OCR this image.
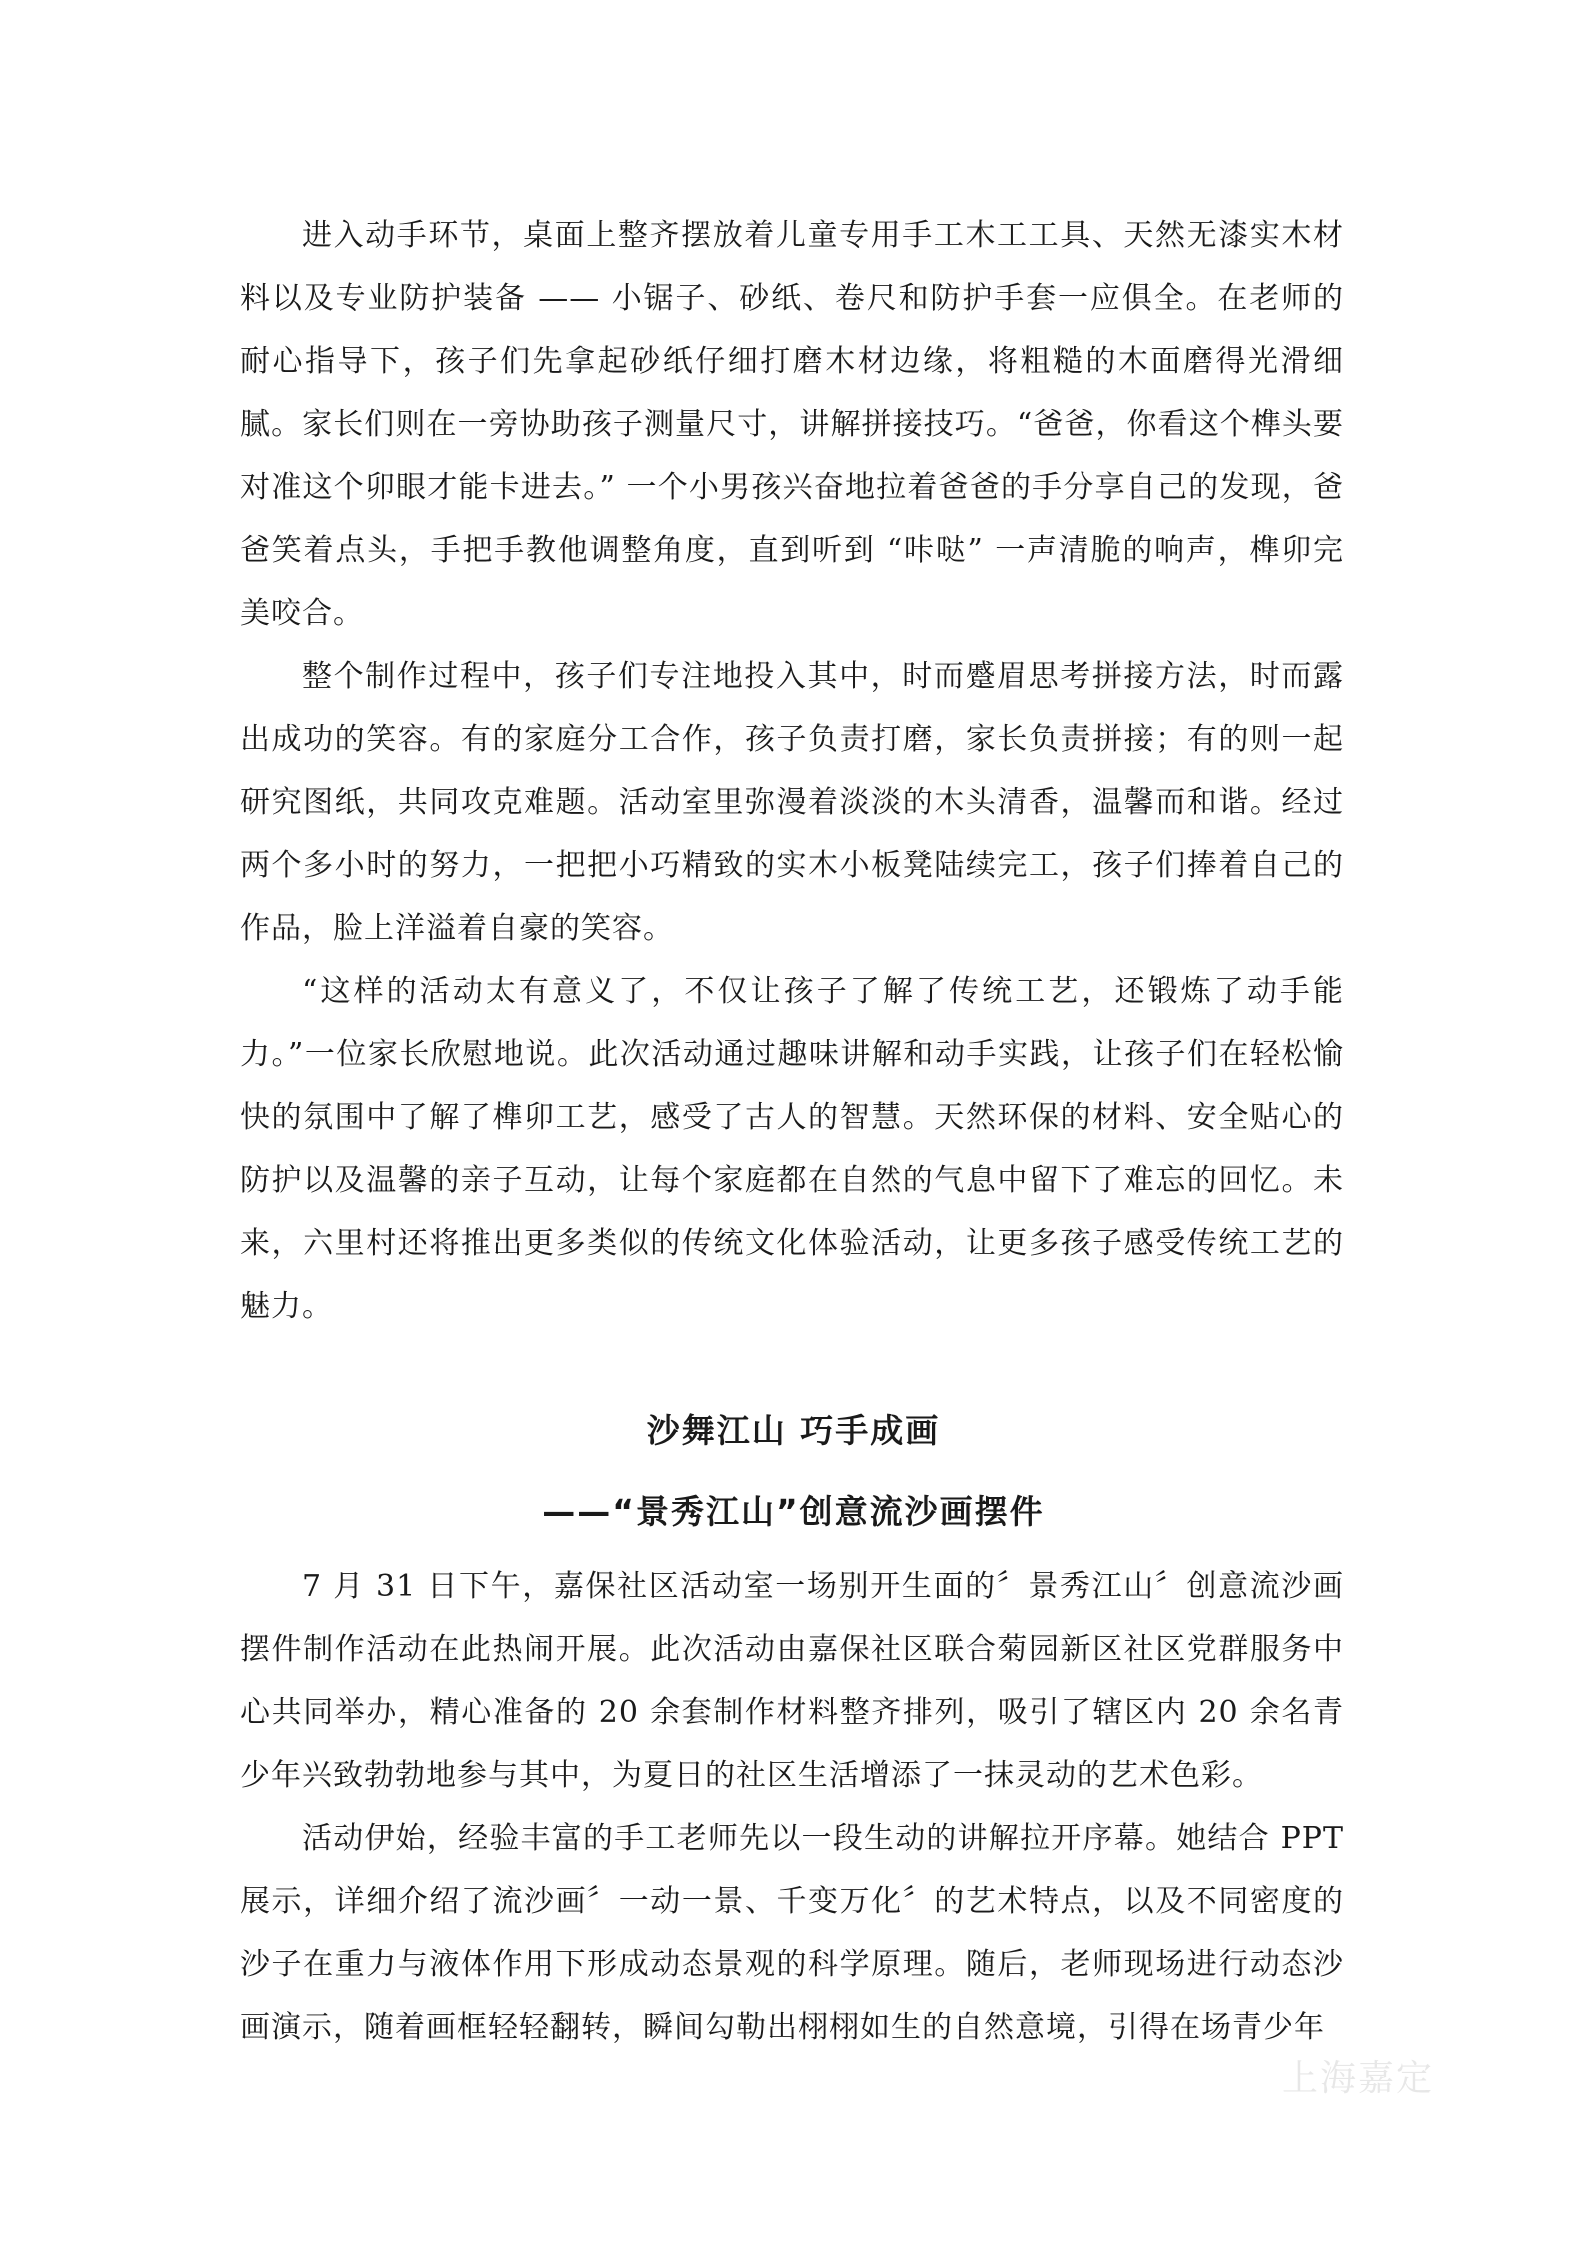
进入动手环节，桌面上整齐摆放着儿童专用手工木工工具、天然无漆实木材料以及专业防护装备 —— 小锯子、砂纸、卷尺和防护手套一应俱全。在老师的耐心指导下，孩子们先拿起砂纸仔细打磨木材边缘，将粗糙的木面磨得光滑细腻。家长们则在一旁协助孩子测量尺寸，讲解拼接技巧。“爸爸，你看这个榫头要对准这个卯眼才能卡进去。” 一个小男孩兴奋地拉着爸爸的手分享自己的发现，爸爸笑着点头，手把手教他调整角度，直到听到 “咔哒” 一声清脆的响声，榫卯完美咬合。

整个制作过程中，孩子们专注地投入其中，时而蹙眉思考拼接方法，时而露出成功的笑容。有的家庭分工合作，孩子负责打磨，家长负责拼接；有的则一起研究图纸，共同攻克难题。活动室里弥漫着淡淡的木头清香，温馨而和谐。经过两个多小时的努力，一把把小巧精致的实木小板凳陆续完工，孩子们捧着自己的作品，脸上洋溢着自豪的笑容。

“这样的活动太有意义了，不仅让孩子了解了传统工艺，还锻炼了动手能力。”一位家长欣慰地说。此次活动通过趣味讲解和动手实践，让孩子们在轻松愉快的氛围中了解了榫卯工艺，感受了古人的智慧。天然环保的材料、安全贴心的防护以及温馨的亲子互动，让每个家庭都在自然的气息中留下了难忘的回忆。未来，六里村还将推出更多类似的传统文化体验活动，让更多孩子感受传统工艺的魅力。

沙舞江山 巧手成画
——“景秀江山”创意流沙画摆件

7 月 31 日下午，嘉保社区活动室一场别开生面的〞景秀江山〞创意流沙画摆件制作活动在此热闹开展。此次活动由嘉保社区联合菊园新区社区党群服务中心共同举办，精心准备的 20 余套制作材料整齐排列，吸引了辖区内 20 余名青少年兴致勃勃地参与其中，为夏日的社区生活增添了一抹灵动的艺术色彩。

活动伊始，经验丰富的手工老师先以一段生动的讲解拉开序幕。她结合 PPT 展示，详细介绍了流沙画〞一动一景、千变万化〞的艺术特点，以及不同密度的沙子在重力与液体作用下形成动态景观的科学原理。随后，老师现场进行动态沙画演示，随着画框轻轻翻转，瞬间勾勒出栩栩如生的自然意境，引得在场青少年

上海嘉定
